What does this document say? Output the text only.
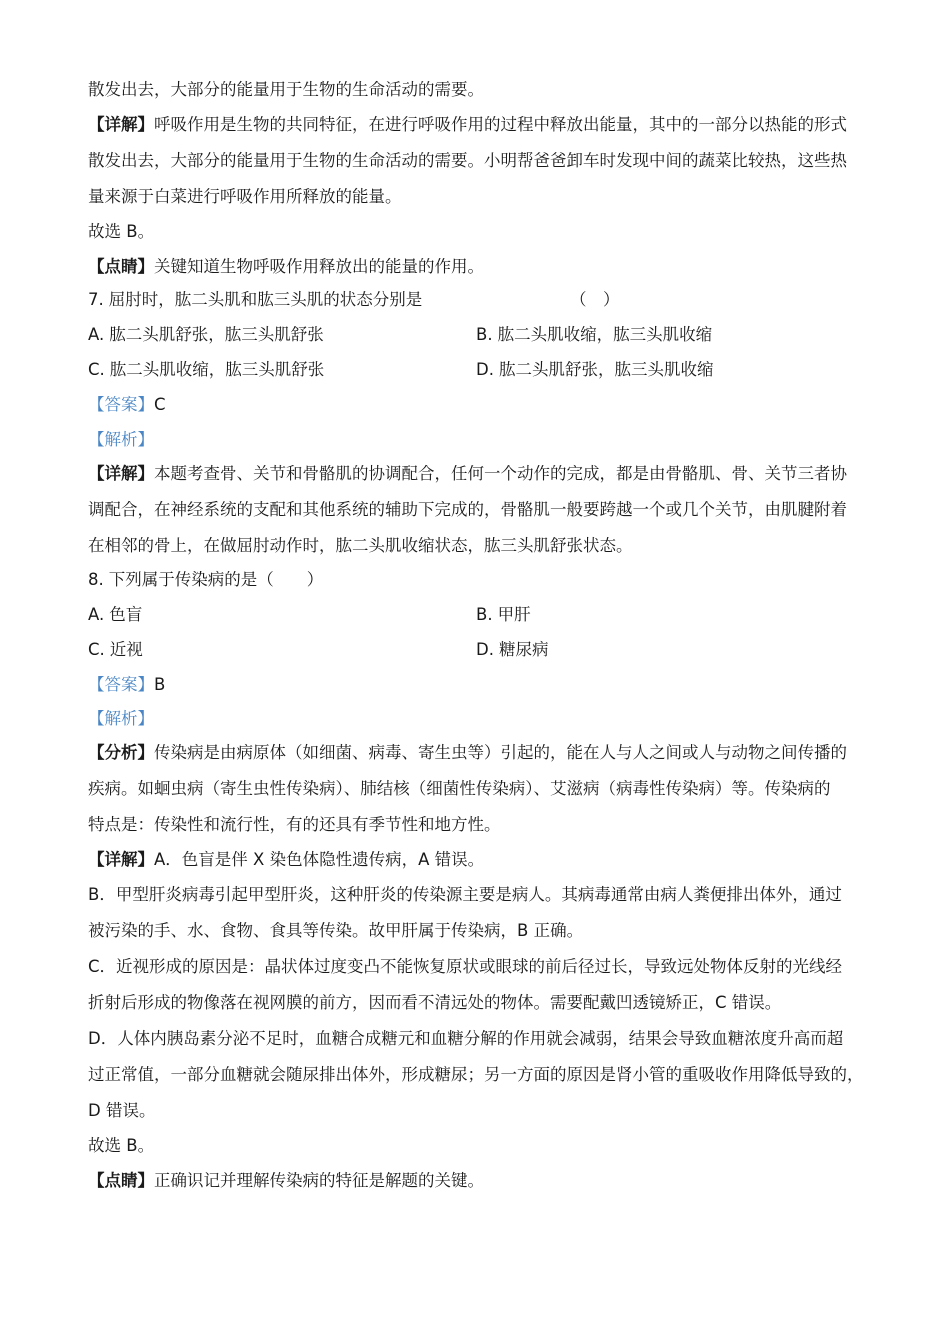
散发出去，大部分的能量用于生物的生命活动的需要。
【详解】呼吸作用是生物的共同特征，在进行呼吸作用的过程中释放出能量，其中的一部分以热能的形式
散发出去，大部分的能量用于生物的生命活动的需要。小明帮爸爸卸车时发现中间的蔬菜比较热，这些热
量来源于白菜进行呼吸作用所释放的能量。
故选 B。
【点睛】关键知道生物呼吸作用释放出的能量的作用。
7. 屈肘时，肱二头肌和肱三头肌的状态分别是	（　）
A. 肱二头肌舒张，肱三头肌舒张	B. 肱二头肌收缩，肱三头肌收缩
C. 肱二头肌收缩，肱三头肌舒张	D. 肱二头肌舒张，肱三头肌收缩
【答案】C
【解析】
【详解】本题考查骨、关节和骨骼肌的协调配合，任何一个动作的完成，都是由骨骼肌、骨、关节三者协
调配合，在神经系统的支配和其他系统的辅助下完成的，骨骼肌一般要跨越一个或几个关节，由肌腱附着
在相邻的骨上，在做屈肘动作时，肱二头肌收缩状态，肱三头肌舒张状态。
8. 下列属于传染病的是（　　）
A. 色盲	B. 甲肝
C. 近视	D. 糖尿病
【答案】B
【解析】
【分析】传染病是由病原体（如细菌、病毒、寄生虫等）引起的，能在人与人之间或人与动物之间传播的
疾病。如蛔虫病（寄生虫性传染病）、肺结核（细菌性传染病）、艾滋病（病毒性传染病）等。传染病的
特点是：传染性和流行性，有的还具有季节性和地方性。
【详解】A．色盲是伴 X 染色体隐性遗传病，A 错误。
B．甲型肝炎病毒引起甲型肝炎，这种肝炎的传染源主要是病人。其病毒通常由病人粪便排出体外，通过
被污染的手、水、食物、食具等传染。故甲肝属于传染病，B 正确。
C．近视形成的原因是：晶状体过度变凸不能恢复原状或眼球的前后径过长，导致远处物体反射的光线经
折射后形成的物像落在视网膜的前方，因而看不清远处的物体。需要配戴凹透镜矫正，C 错误。
D．人体内胰岛素分泌不足时，血糖合成糖元和血糖分解的作用就会减弱，结果会导致血糖浓度升高而超
过正常值，一部分血糖就会随尿排出体外，形成糖尿；另一方面的原因是肾小管的重吸收作用降低导致的，
D 错误。
故选 B。
【点睛】正确识记并理解传染病的特征是解题的关键。
